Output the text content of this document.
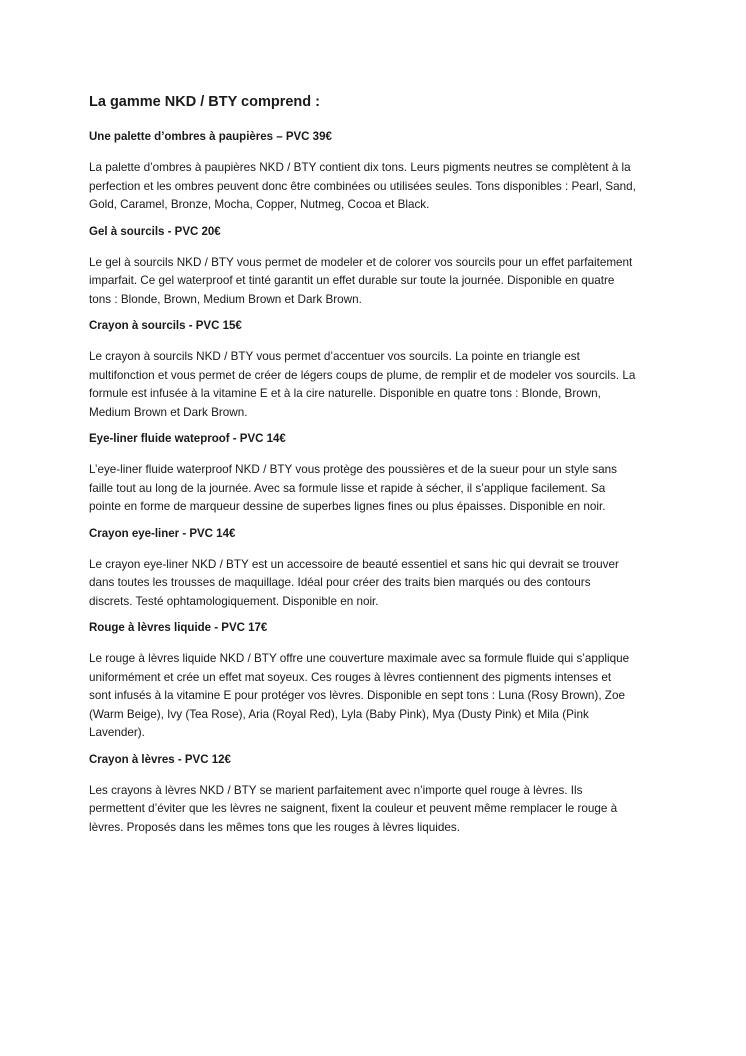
La gamme NKD / BTY comprend :
Une palette d’ombres à paupières – PVC 39€

La palette d’ombres à paupières NKD / BTY contient dix tons. Leurs pigments neutres se complètent à la perfection et les ombres peuvent donc être combinées ou utilisées seules. Tons disponibles : Pearl, Sand, Gold, Caramel, Bronze, Mocha, Copper, Nutmeg, Cocoa et Black.

Gel à sourcils - PVC 20€

Le gel à sourcils NKD / BTY vous permet de modeler et de colorer vos sourcils pour un effet parfaitement imparfait. Ce gel waterproof et tinté garantit un effet durable sur toute la journée. Disponible en quatre tons : Blonde, Brown, Medium Brown et Dark Brown.

Crayon à sourcils - PVC 15€

Le crayon à sourcils NKD / BTY vous permet d’accentuer vos sourcils. La pointe en triangle est multifonction et vous permet de créer de légers coups de plume, de remplir et de modeler vos sourcils. La formule est infusée à la vitamine E et à la cire naturelle. Disponible en quatre tons : Blonde, Brown, Medium Brown et Dark Brown.

Eye-liner fluide wateproof - PVC 14€

L’eye-liner fluide waterproof NKD / BTY vous protège des poussières et de la sueur pour un style sans faille tout au long de la journée. Avec sa formule lisse et rapide à sécher, il s’applique facilement. Sa pointe en forme de marqueur dessine de superbes lignes fines ou plus épaisses. Disponible en noir.

Crayon eye-liner - PVC 14€

Le crayon eye-liner NKD / BTY est un accessoire de beauté essentiel et sans hic qui devrait se trouver dans toutes les trousses de maquillage. Idéal pour créer des traits bien marqués ou des contours discrets. Testé ophtamologiquement. Disponible en noir.

Rouge à lèvres liquide - PVC 17€

Le rouge à lèvres liquide NKD / BTY offre une couverture maximale avec sa formule fluide qui s’applique uniformément et crée un effet mat soyeux. Ces rouges à lèvres contiennent des pigments intenses et sont infusés à la vitamine E pour protéger vos lèvres. Disponible en sept tons : Luna (Rosy Brown), Zoe (Warm Beige), Ivy (Tea Rose), Aria (Royal Red), Lyla (Baby Pink), Mya (Dusty Pink) et Mila (Pink Lavender).

Crayon à lèvres - PVC 12€

Les crayons à lèvres NKD / BTY se marient parfaitement avec n’importe quel rouge à lèvres. Ils permettent d’éviter que les lèvres ne saignent, fixent la couleur et peuvent même remplacer le rouge à lèvres. Proposés dans les mêmes tons que les rouges à lèvres liquides.
